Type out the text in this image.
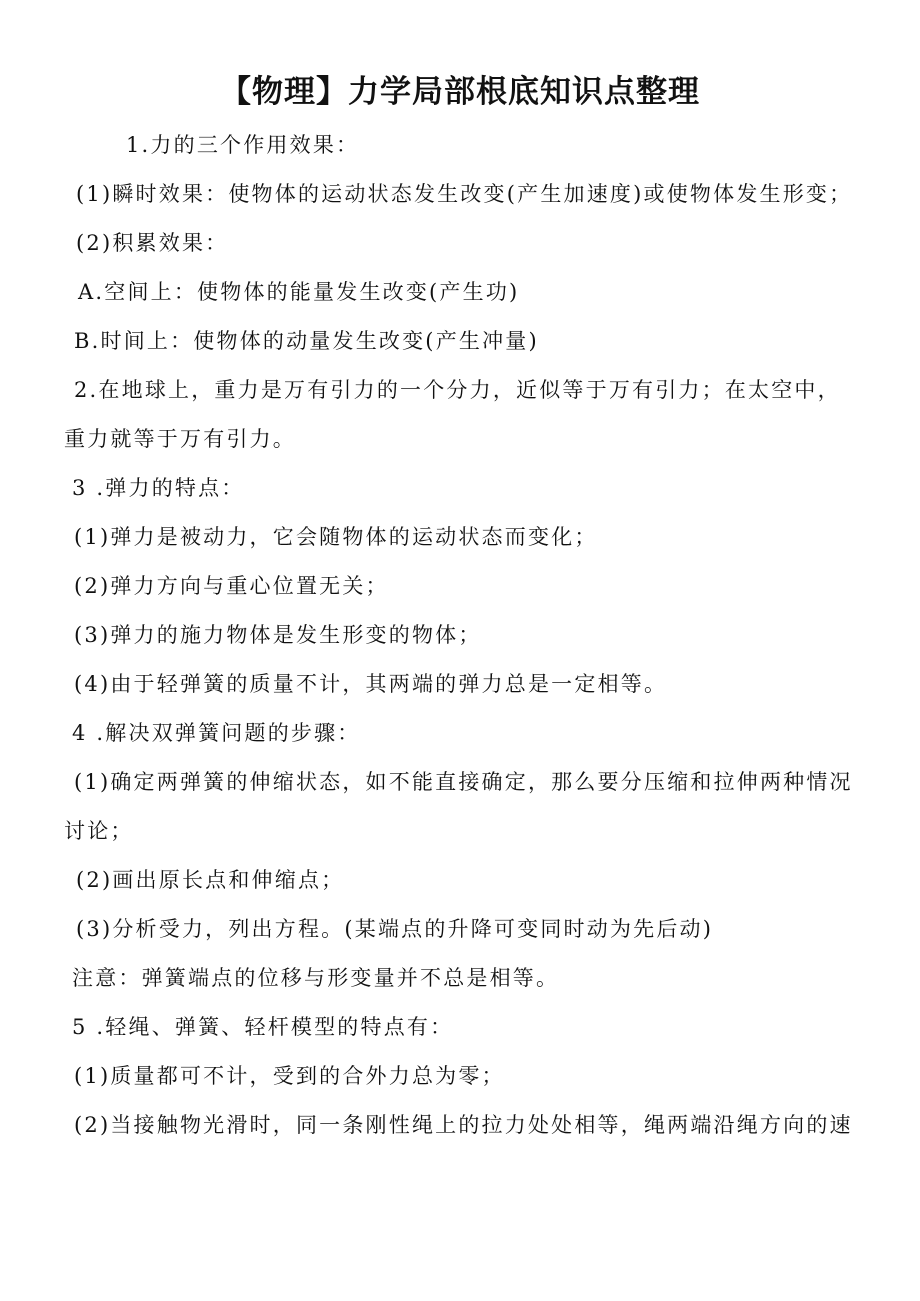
【物理】力学局部根底知识点整理
1.力的三个作用效果：
(1)瞬时效果：使物体的运动状态发生改变(产生加速度)或使物体发生形变；
(2)积累效果：
A.空间上：使物体的能量发生改变(产生功)
B.时间上：使物体的动量发生改变(产生冲量)
2.在地球上，重力是万有引力的一个分力，近似等于万有引力；在太空中，
重力就等于万有引力。
3 .弹力的特点：
(1)弹力是被动力，它会随物体的运动状态而变化；
(2)弹力方向与重心位置无关；
(3)弹力的施力物体是发生形变的物体；
(4)由于轻弹簧的质量不计，其两端的弹力总是一定相等。
4 .解决双弹簧问题的步骤：
(1)确定两弹簧的伸缩状态，如不能直接确定，那么要分压缩和拉伸两种情况
讨论；
(2)画出原长点和伸缩点；
(3)分析受力，列出方程。(某端点的升降可变同时动为先后动)
注意：弹簧端点的位移与形变量并不总是相等。
5 .轻绳、弹簧、轻杆模型的特点有：
(1)质量都可不计，受到的合外力总为零；
(2)当接触物光滑时，同一条刚性绳上的拉力处处相等，绳两端沿绳方向的速
